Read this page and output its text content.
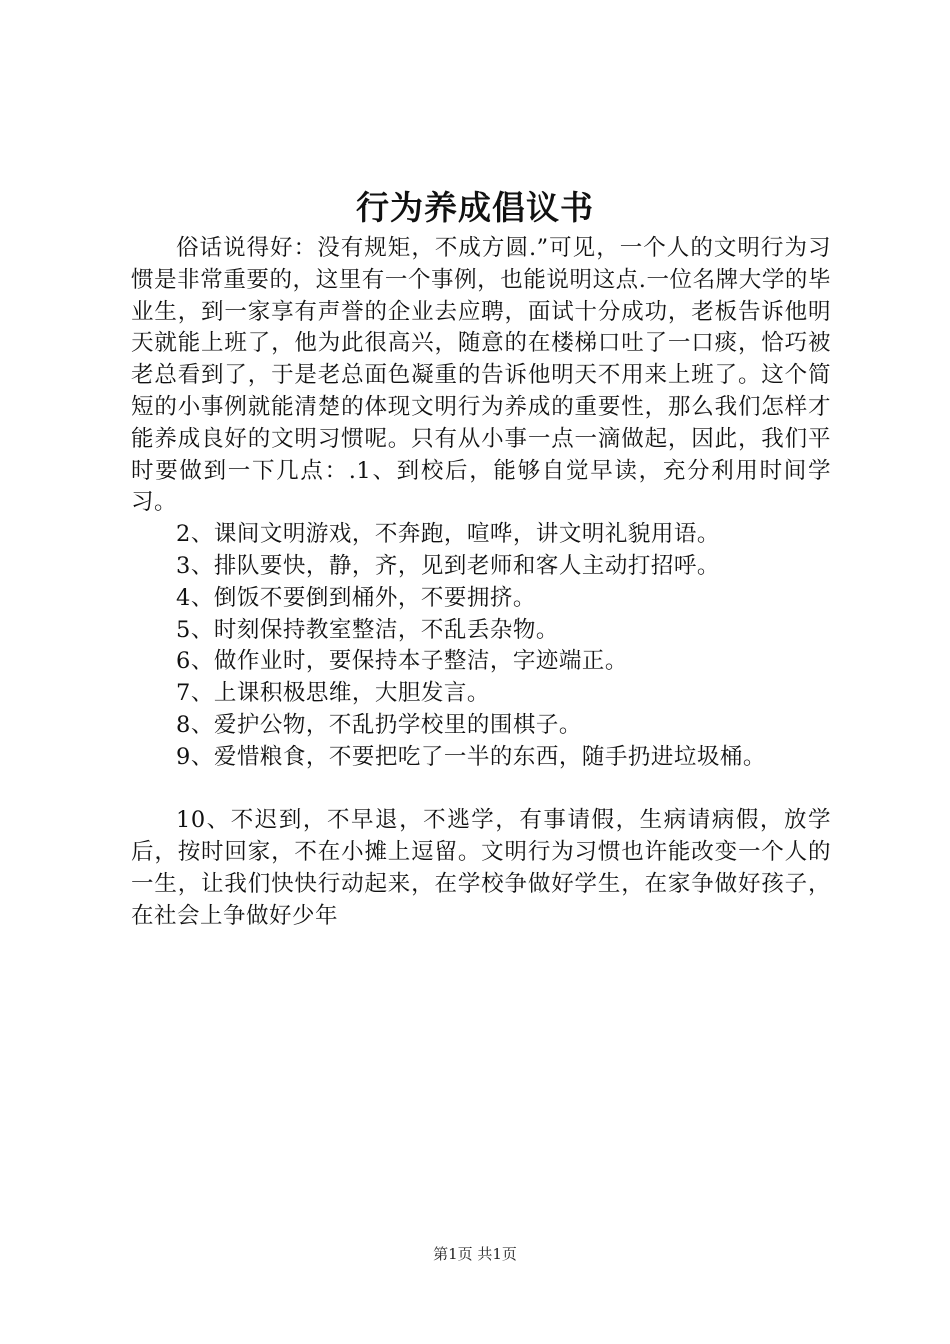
行为养成倡议书

俗话说得好：没有规矩，不成方圆.”可见，一个人的文明行为习惯是非常重要的，这里有一个事例，也能说明这点.一位名牌大学的毕业生，到一家享有声誉的企业去应聘，面试十分成功，老板告诉他明天就能上班了，他为此很高兴，随意的在楼梯口吐了一口痰，恰巧被老总看到了，于是老总面色凝重的告诉他明天不用来上班了。这个简短的小事例就能清楚的体现文明行为养成的重要性，那么我们怎样才能养成良好的文明习惯呢。只有从小事一点一滴做起，因此，我们平时要做到一下几点：.1、到校后，能够自觉早读，充分利用时间学习。

2、课间文明游戏，不奔跑，喧哗，讲文明礼貌用语。

3、排队要快，静，齐，见到老师和客人主动打招呼。

4、倒饭不要倒到桶外，不要拥挤。

5、时刻保持教室整洁，不乱丢杂物。

6、做作业时，要保持本子整洁，字迹端正。

7、上课积极思维，大胆发言。

8、爱护公物，不乱扔学校里的围棋子。

9、爱惜粮食，不要把吃了一半的东西，随手扔进垃圾桶。

10、不迟到，不早退，不逃学，有事请假，生病请病假，放学后，按时回家，不在小摊上逗留。文明行为习惯也许能改变一个人的一生，让我们快快行动起来，在学校争做好学生，在家争做好孩子，在社会上争做好少年

第1页 共1页
